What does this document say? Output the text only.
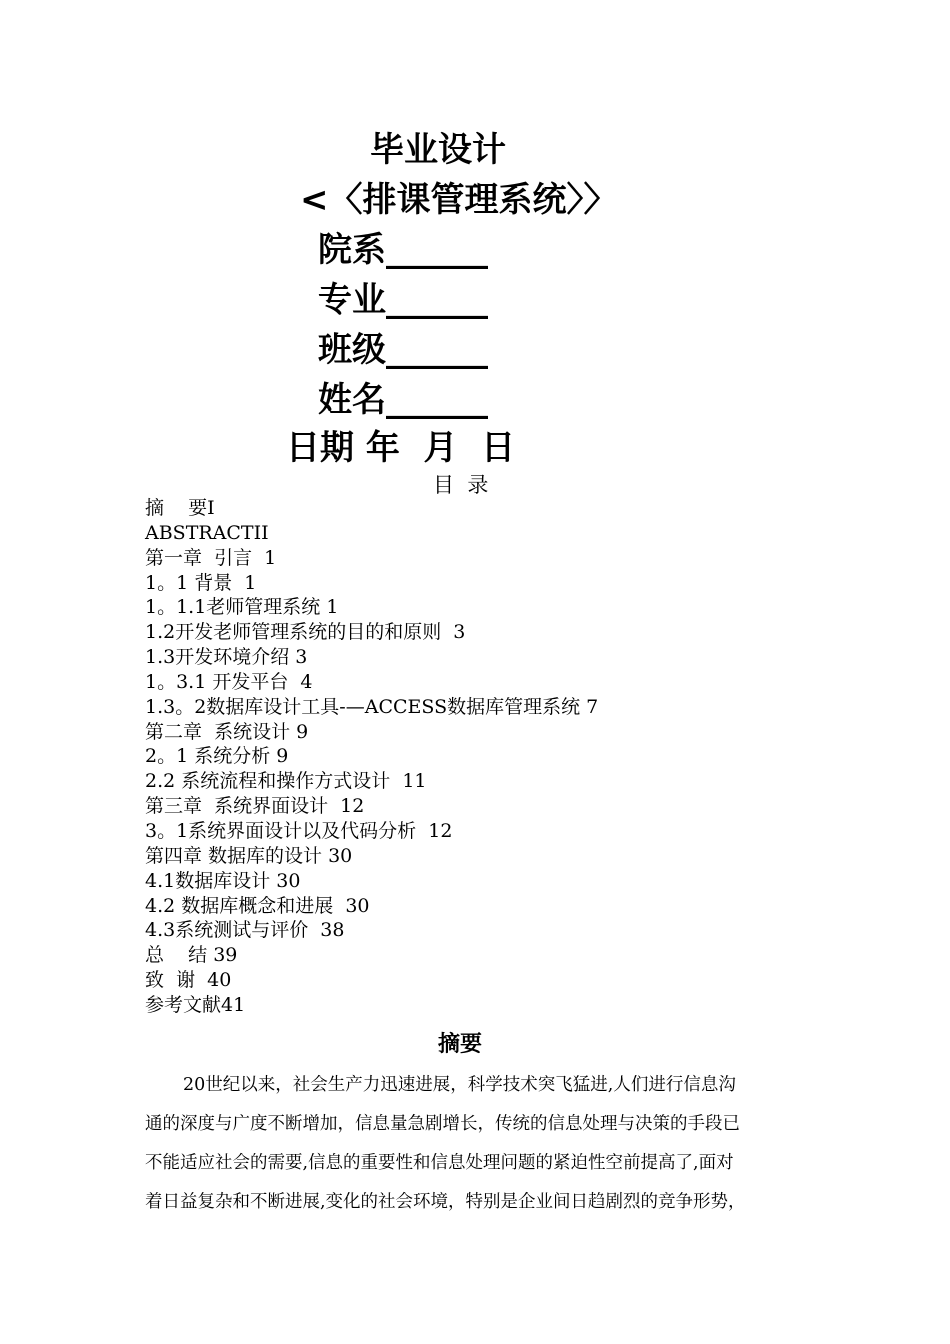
毕业设计
<〈排课管理系统〉〉
院系______
专业______
班级______
姓名______
日期 年  月  日
目  录
摘    要I
ABSTRACTII
第一章  引言  1
1。1 背景  1
1。1.1老师管理系统 1
1.2开发老师管理系统的目的和原则  3
1.3开发环境介绍 3
1。3.1 开发平台  4
1.3。2数据库设计工具-—ACCESS数据库管理系统 7
第二章  系统设计 9
2。1 系统分析 9
2.2 系统流程和操作方式设计  11
第三章  系统界面设计  12
3。1系统界面设计以及代码分析  12
第四章 数据库的设计 30
4.1数据库设计 30
4.2 数据库概念和进展  30
4.3系统测试与评价  38
总    结 39
致  谢  40
参考文献41
摘要

20世纪以来，社会生产力迅速进展，科学技术突飞猛进,人们进行信息沟
通的深度与广度不断增加，信息量急剧增长，传统的信息处理与决策的手段已
不能适应社会的需要,信息的重要性和信息处理问题的紧迫性空前提高了,面对
着日益复杂和不断进展,变化的社会环境，特别是企业间日趋剧烈的竞争形势，
